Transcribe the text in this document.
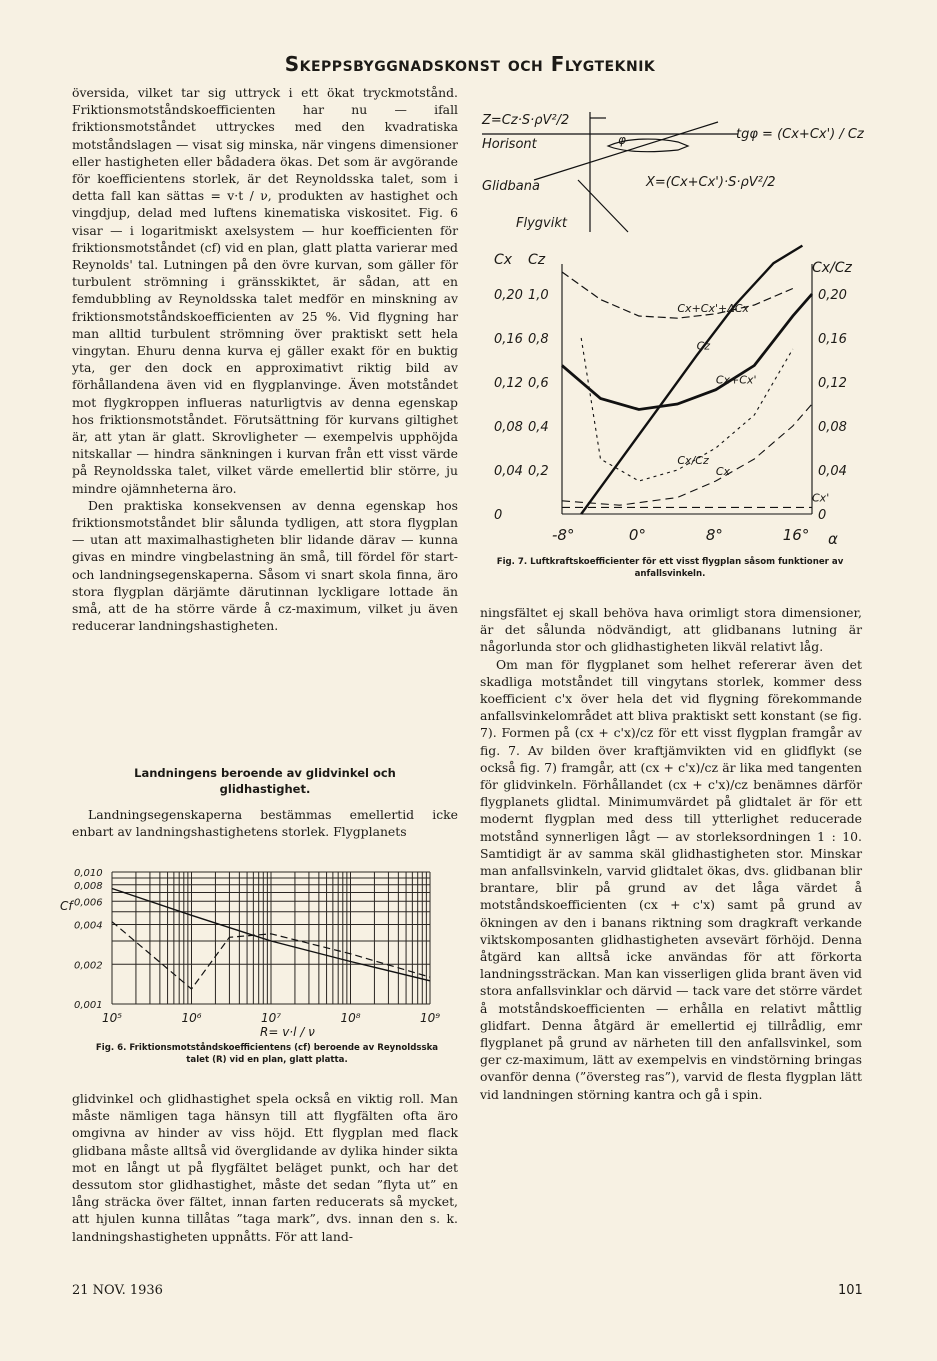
Skeppsbyggnadskonst och Flygteknik

översida, vilket tar sig uttryck i ett ökat tryckmotstånd. Friktionsmotståndskoefficienten har nu — ifall friktionsmotståndet uttryckes med den kvadratiska motståndslagen — visat sig minska, när vingens dimensioner eller hastigheten eller bådadera ökas. Det som är avgörande för koefficientens storlek, är det Reynoldsska talet, som i detta fall kan sättas = v·t / ν, produkten av hastighet och vingdjup, delad med luftens kinematiska viskositet. Fig. 6 visar — i logaritmiskt axelsystem — hur koefficienten för friktionsmotståndet (cf) vid en plan, glatt platta varierar med Reynolds' tal. Lutningen på den övre kurvan, som gäller för turbulent strömning i gränsskiktet, är sådan, att en femdubbling av Reynoldsska talet medför en minskning av friktionsmotståndskoefficienten av 25 %. Vid flygning har man alltid turbulent strömning över praktiskt sett hela vingytan. Ehuru denna kurva ej gäller exakt för en buktig yta, ger den dock en approximativt riktig bild av förhållandena även vid en flygplanvinge. Även motståndet mot flygkroppen influeras naturligtvis av denna egenskap hos friktionsmotståndet. Förutsättning för kurvans giltighet är, att ytan är glatt. Skrovligheter — exempelvis upphöjda nitskallar — hindra sänkningen i kurvan från ett visst värde på Reynoldsska talet, vilket värde emellertid blir större, ju mindre ojämnheterna äro.

Den praktiska konsekvensen av denna egenskap hos friktionsmotståndet blir sålunda tydligen, att stora flygplan — utan att maximalhastigheten blir lidande därav — kunna givas en mindre vingbelastning än små, till fördel för start- och landningsegenskaperna. Såsom vi snart skola finna, äro stora flygplan därjämte därutinnan lyckligare lottade än små, att de ha större värde å cz-maximum, vilket ju även reducerar landningshastigheten.

Landningens beroende av glidvinkel och glidhastighet.

Landningsegenskaperna bestämmas emellertid icke enbart av landningshastighetens storlek. Flygplanets

Cf
0,010
0,008
0,006
0,004
0,002
0,001
10⁵	10⁶	10⁷	10⁸	10⁹
R= v·l / ν
Fig. 6. Friktionsmotståndskoefficientens (cf) beroende av Reynoldsska talet (R) vid en plan, glatt platta.

glidvinkel och glidhastighet spela också en viktig roll. Man måste nämligen taga hänsyn till att flygfälten ofta äro omgivna av hinder av viss höjd. Ett flygplan med flack glidbana måste alltså vid överglidande av dylika hinder sikta mot en långt ut på flygfältet beläget punkt, och har det dessutom stor glidhastighet, måste det sedan ”flyta ut” en lång sträcka över fältet, innan farten reducerats så mycket, att hjulen kunna tillåtas ”taga mark”, dvs. innan den s. k. landningshastigheten uppnåtts. För att land-

Z=Cz·S·ρV²/2
Horisont
Glidbana
Flygvikt
X=(Cx+Cx')·S·ρV²/2
tgφ = (Cx+Cx') / Cz
φ
Cx Cz	Cx/Cz
0,20 1,0	0,20
0,16 0,8	0,16
0,12 0,6	0,12
0,08 0,4	0,08
0,04 0,2	0,04
0	0
-8°	0°	8°	16°
Cz
Cx+Cx'
Cx+Cx'+ΔCx
Cx/Cz
Cx
Cx'
α
Fig. 7. Luftkraftskoefficienter för ett visst flygplan såsom funktioner av anfallsvinkeln.

ningsfältet ej skall behöva hava orimligt stora dimensioner, är det sålunda nödvändigt, att glidbanans lutning är någorlunda stor och glidhastigheten likväl relativt låg.

Om man för flygplanet som helhet refererar även det skadliga motståndet till vingytans storlek, kommer dess koefficient c'x över hela det vid flygning förekommande anfallsvinkelområdet att bliva praktiskt sett konstant (se fig. 7). Formen på (cx + c'x)/cz för ett visst flygplan framgår av fig. 7. Av bilden över kraftjämvikten vid en glidflykt (se också fig. 7) framgår, att (cx + c'x)/cz är lika med tangenten för glidvinkeln. Förhållandet (cx + c'x)/cz benämnes därför flygplanets glidtal. Minimumvärdet på glidtalet är för ett modernt flygplan med dess till ytterlighet reducerade motstånd synnerligen lågt — av storleksordningen 1 : 10. Samtidigt är av samma skäl glidhastigheten stor. Minskar man anfallsvinkeln, varvid glidtalet ökas, dvs. glidbanan blir brantare, blir på grund av det låga värdet å motståndskoefficienten (cx + c'x) samt på grund av ökningen av den i banans riktning som dragkraft verkande viktskomposanten glidhastigheten avsevärt förhöjd. Denna åtgärd kan alltså icke användas för att förkorta landningssträckan. Man kan visserligen glida brant även vid stora anfallsvinklar och därvid — tack vare det större värdet å motståndskoefficienten — erhålla en relativt måttlig glidfart. Denna åtgärd är emellertid ej tillrådlig, emr flygplanet på grund av närheten till den anfallsvinkel, som ger cz-maximum, lätt av exempelvis en vindstörning bringas ovanför denna (”översteg ras”), varvid de flesta flygplan lätt vid landningen störning kantra och gå i spin.

21 NOV. 1936	101
